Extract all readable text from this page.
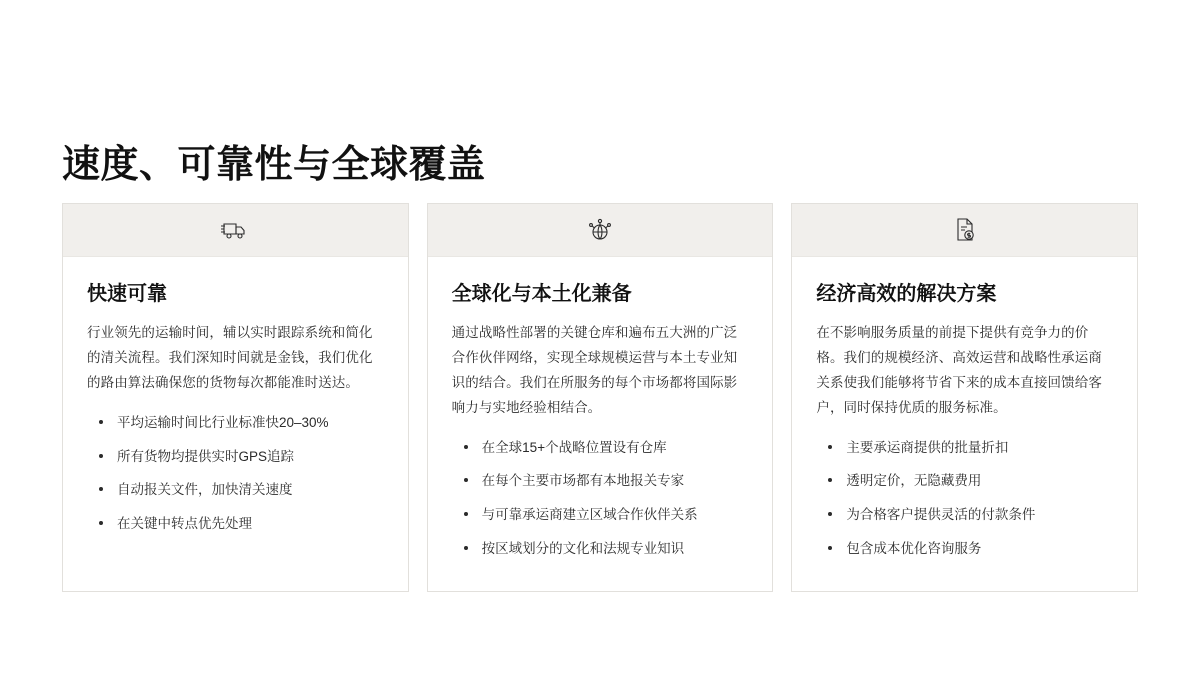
速度、可靠性与全球覆盖
快速可靠

行业领先的运输时间，辅以实时跟踪系统和简化的清关流程。我们深知时间就是金钱，我们优化的路由算法确保您的货物每次都能准时送达。

平均运输时间比行业标准快20–30%
所有货物均提供实时GPS追踪
自动报关文件，加快清关速度
在关键中转点优先处理
全球化与本土化兼备

通过战略性部署的关键仓库和遍布五大洲的广泛合作伙伴网络，实现全球规模运营与本土专业知识的结合。我们在所服务的每个市场都将国际影响力与实地经验相结合。

在全球15+个战略位置设有仓库
在每个主要市场都有本地报关专家
与可靠承运商建立区域合作伙伴关系
按区域划分的文化和法规专业知识
经济高效的解决方案

在不影响服务质量的前提下提供有竞争力的价格。我们的规模经济、高效运营和战略性承运商关系使我们能够将节省下来的成本直接回馈给客户，同时保持优质的服务标准。

主要承运商提供的批量折扣
透明定价，无隐藏费用
为合格客户提供灵活的付款条件
包含成本优化咨询服务
